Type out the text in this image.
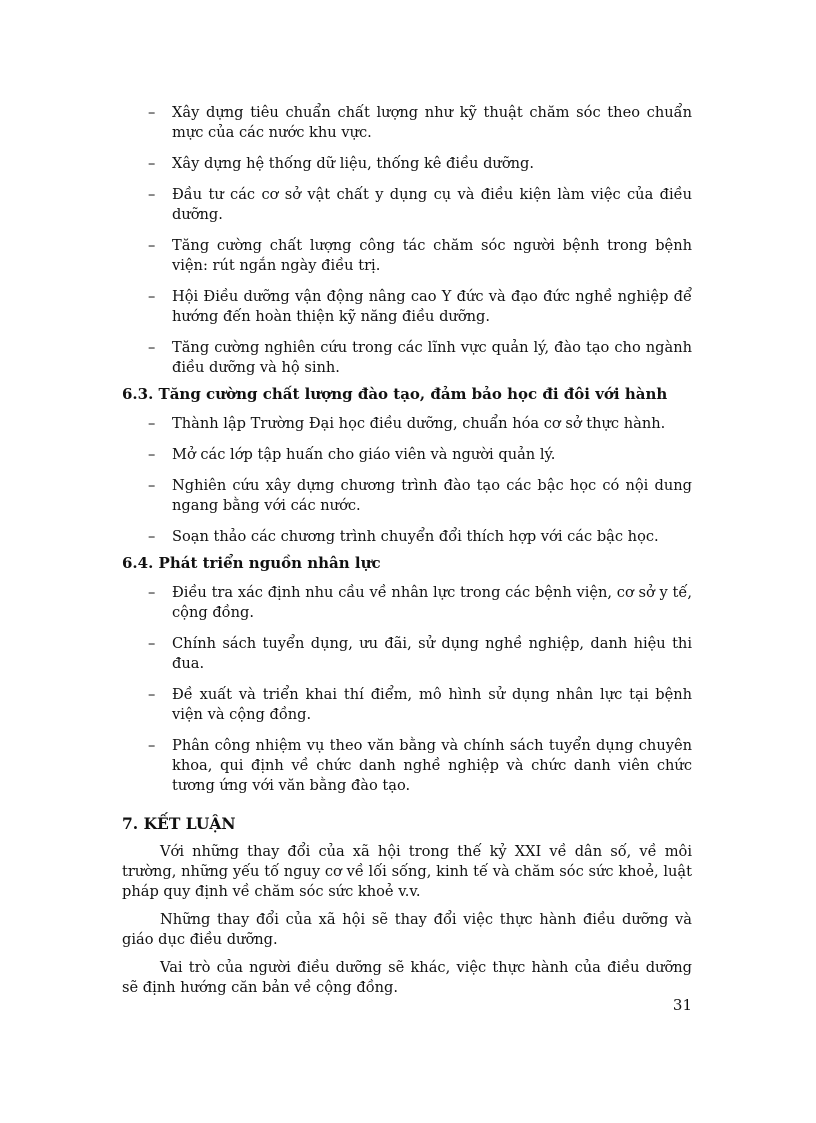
– Xây dựng tiêu chuẩn chất lượng như kỹ thuật chăm sóc theo chuẩn mực của các nước khu vực.
– Xây dựng hệ thống dữ liệu, thống kê điều dưỡng.
– Đầu tư các cơ sở vật chất y dụng cụ và điều kiện làm việc của điều dưỡng.
– Tăng cường chất lượng công tác chăm sóc người bệnh trong bệnh viện: rút ngắn ngày điều trị.
– Hội Điều dưỡng vận động nâng cao Y đức và đạo đức nghề nghiệp để hướng đến hoàn thiện kỹ năng điều dưỡng.
– Tăng cường nghiên cứu trong các lĩnh vực quản lý, đào tạo cho ngành điều dưỡng và hộ sinh.
6.3. Tăng cường chất lượng đào tạo, đảm bảo học đi đôi với hành
– Thành lập Trường Đại học điều dưỡng, chuẩn hóa cơ sở thực hành.
– Mở các lớp tập huấn cho giáo viên và người quản lý.
– Nghiên cứu xây dựng chương trình đào tạo các bậc học có nội dung ngang bằng với các nước.
– Soạn thảo các chương trình chuyển đổi thích hợp với các bậc học.
6.4. Phát triển nguồn nhân lực
– Điều tra xác định nhu cầu về nhân lực trong các bệnh viện, cơ sở y tế, cộng đồng.
– Chính sách tuyển dụng, ưu đãi, sử dụng nghề nghiệp, danh hiệu thi đua.
– Đề xuất và triển khai thí điểm, mô hình sử dụng nhân lực tại bệnh viện và cộng đồng.
– Phân công nhiệm vụ theo văn bằng và chính sách tuyển dụng chuyên khoa, qui định về chức danh nghề nghiệp và chức danh viên chức tương ứng với văn bằng đào tạo.
7. KẾT LUẬN

Với những thay đổi của xã hội trong thế kỷ XXI về dân số, về môi trường, những yếu tố nguy cơ về lối sống, kinh tế và chăm sóc sức khoẻ, luật pháp quy định về chăm sóc sức khoẻ v.v.

Những thay đổi của xã hội sẽ thay đổi việc thực hành điều dưỡng và giáo dục điều dưỡng.

Vai trò của người điều dưỡng sẽ khác, việc thực hành của điều dưỡng sẽ định hướng căn bản về cộng đồng.

31
